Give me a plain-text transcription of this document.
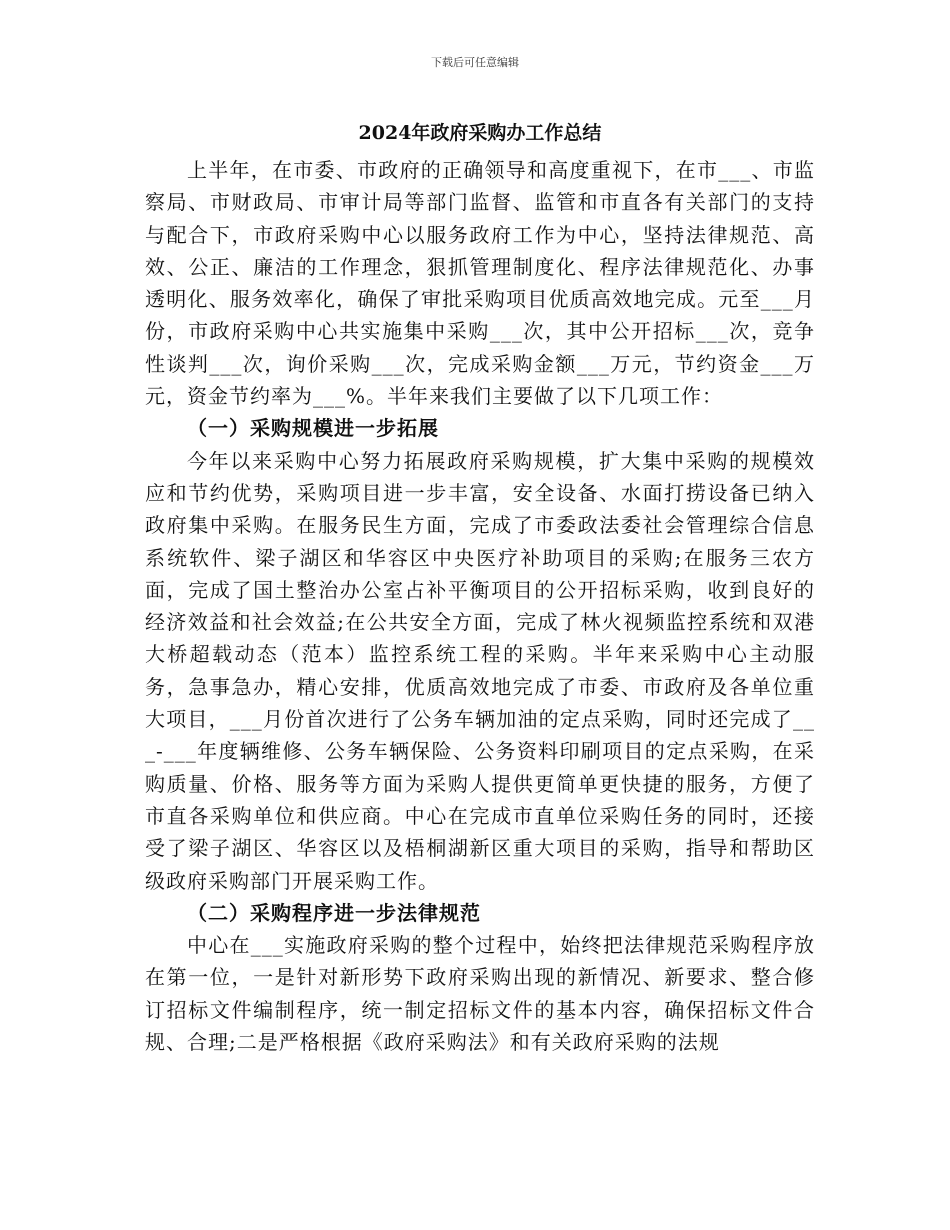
下载后可任意编辑
2024年政府采购办工作总结

上半年，在市委、市政府的正确领导和高度重视下，在市___、市监察局、市财政局、市审计局等部门监督、监管和市直各有关部门的支持与配合下，市政府采购中心以服务政府工作为中心，坚持法律规范、高效、公正、廉洁的工作理念，狠抓管理制度化、程序法律规范化、办事透明化、服务效率化，确保了审批采购项目优质高效地完成。元至___月份，市政府采购中心共实施集中采购___次，其中公开招标___次，竞争性谈判___次，询价采购___次，完成采购金额___万元，节约资金___万元，资金节约率为___%。半年来我们主要做了以下几项工作：

（一）采购规模进一步拓展

今年以来采购中心努力拓展政府采购规模，扩大集中采购的规模效应和节约优势，采购项目进一步丰富，安全设备、水面打捞设备已纳入政府集中采购。在服务民生方面，完成了市委政法委社会管理综合信息系统软件、梁子湖区和华容区中央医疗补助项目的采购;在服务三农方面，完成了国土整治办公室占补平衡项目的公开招标采购，收到良好的经济效益和社会效益;在公共安全方面，完成了林火视频监控系统和双港大桥超载动态（范本）监控系统工程的采购。半年来采购中心主动服务，急事急办，精心安排，优质高效地完成了市委、市政府及各单位重大项目，___月份首次进行了公务车辆加油的定点采购，同时还完成了___-___年度辆维修、公务车辆保险、公务资料印刷项目的定点采购，在采购质量、价格、服务等方面为采购人提供更简单更快捷的服务，方便了市直各采购单位和供应商。中心在完成市直单位采购任务的同时，还接受了梁子湖区、华容区以及梧桐湖新区重大项目的采购，指导和帮助区级政府采购部门开展采购工作。

（二）采购程序进一步法律规范

中心在___实施政府采购的整个过程中，始终把法律规范采购程序放在第一位，一是针对新形势下政府采购出现的新情况、新要求、整合修订招标文件编制程序，统一制定招标文件的基本内容，确保招标文件合规、合理;二是严格根据《政府采购法》和有关政府采购的法规
